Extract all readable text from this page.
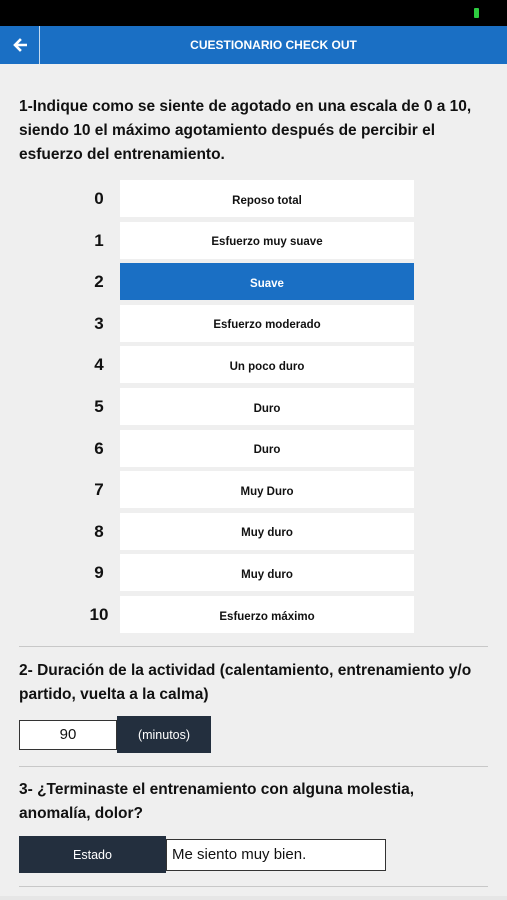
CUESTIONARIO CHECK OUT
1-Indique como se siente de agotado en una escala de 0 a 10, siendo 10 el máximo agotamiento después de percibir el esfuerzo del entrenamiento.
0	Reposo total
1	Esfuerzo muy suave
2	Suave
3	Esfuerzo moderado
4	Un poco duro
5	Duro
6	Duro
7	Muy Duro
8	Muy duro
9	Muy duro
10	Esfuerzo máximo
2- Duración de la actividad (calentamiento, entrenamiento y/o partido, vuelta a la calma)
90	(minutos)
3- ¿Terminaste el entrenamiento con alguna molestia, anomalía, dolor?
Estado	Me siento muy bien.
